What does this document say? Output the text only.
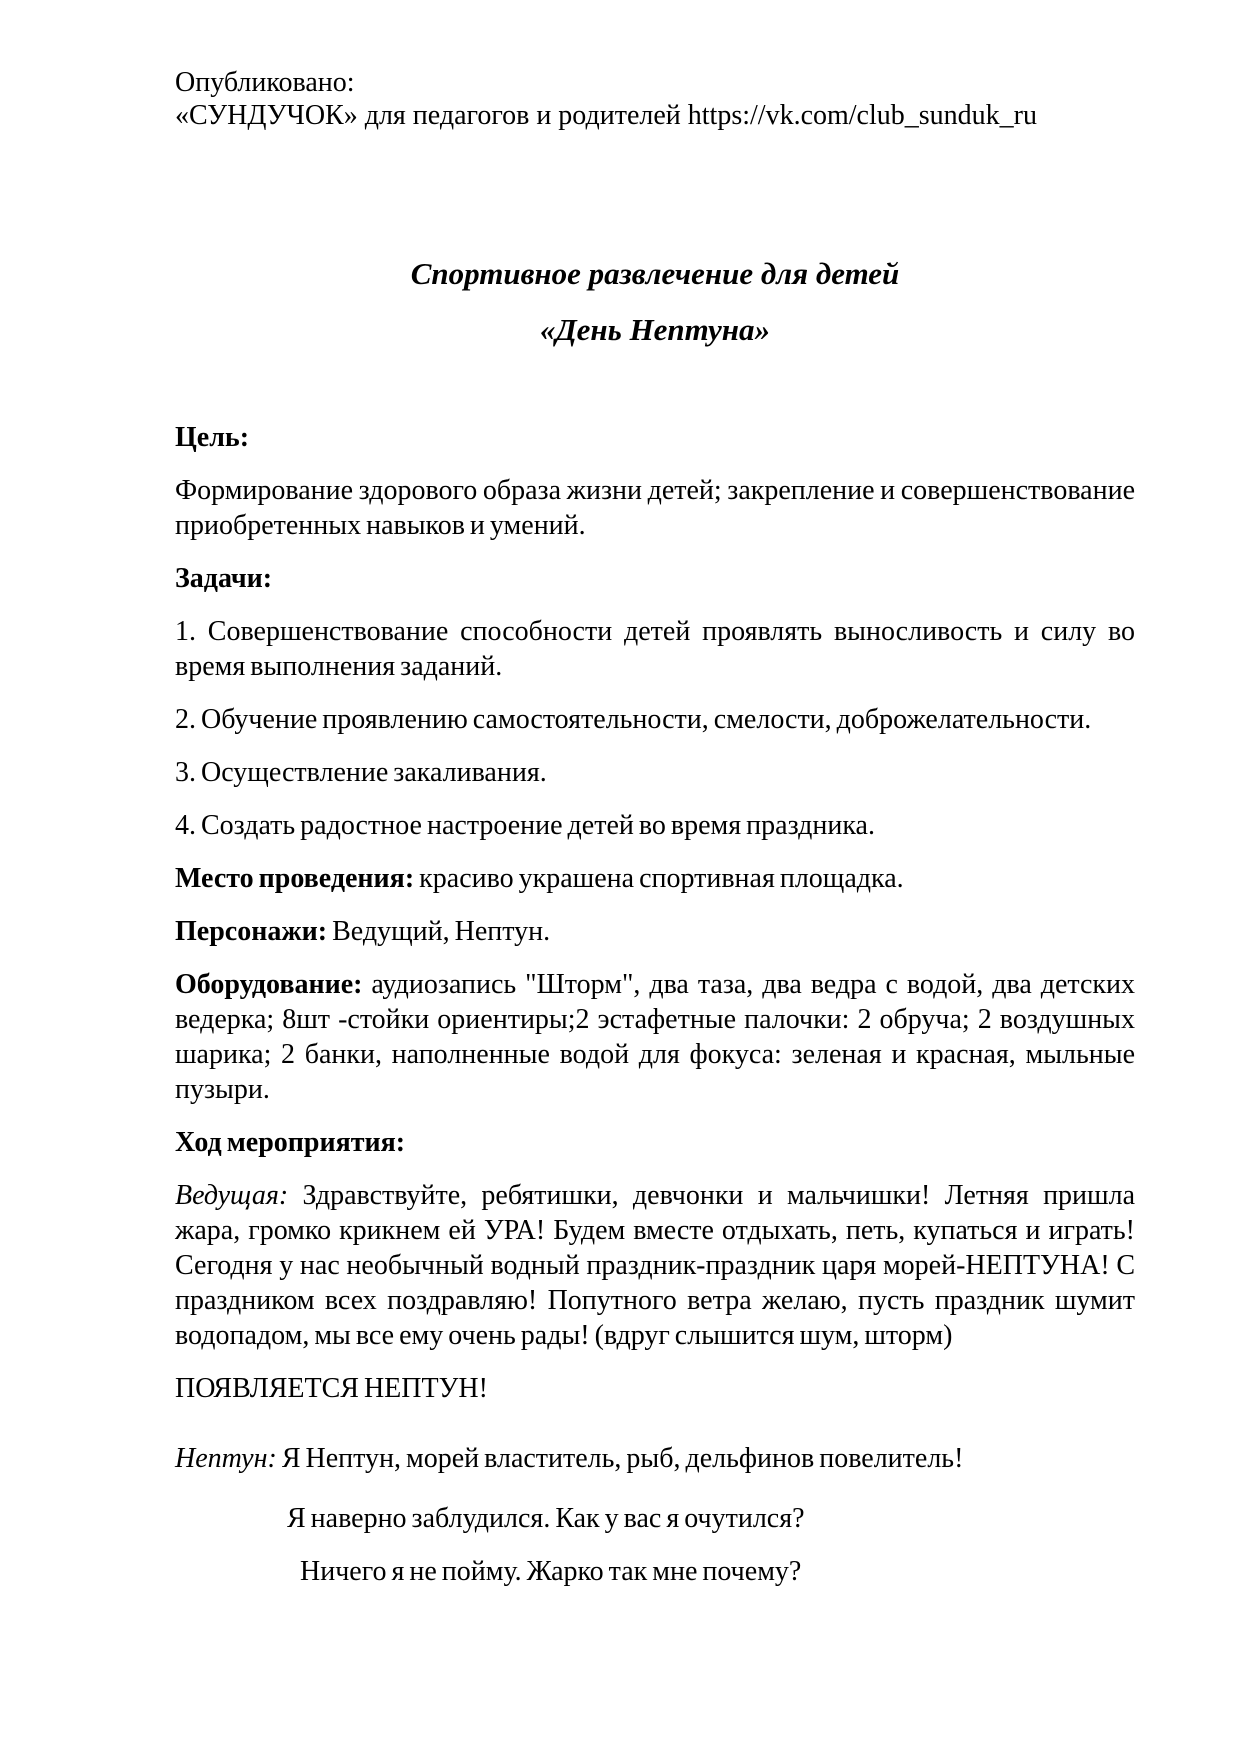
Опубликовано:
«СУНДУЧОК» для педагогов и родителей https://vk.com/club_sunduk_ru
Спортивное развлечение для детей
«День Нептуна»

Цель:

Формирование здорового образа жизни детей; закрепление и совершенствование приобретенных навыков и умений.

Задачи:

1. Совершенствование способности детей проявлять выносливость и силу во время выполнения заданий.

2. Обучение проявлению самостоятельности, смелости, доброжелательности.

3. Осуществление закаливания.

4. Создать радостное настроение детей во время праздника.

Место проведения: красиво украшена спортивная площадка.

Персонажи: Ведущий, Нептун.

Оборудование: аудиозапись "Шторм", два таза, два ведра с водой, два детских ведерка; 8шт -стойки ориентиры;2 эстафетные палочки: 2 обруча; 2 воздушных шарика; 2 банки, наполненные водой для фокуса: зеленая и красная, мыльные пузыри.

Ход мероприятия:

Ведущая: Здравствуйте, ребятишки, девчонки и мальчишки! Летняя пришла жара, громко крикнем ей УРА! Будем вместе отдыхать, петь, купаться и играть! Сегодня у нас необычный водный праздник-праздник царя морей-НЕПТУНА! С праздником всех поздравляю! Попутного ветра желаю, пусть праздник шумит водопадом, мы все ему очень рады! (вдруг слышится шум, шторм)

ПОЯВЛЯЕТСЯ НЕПТУН!

Нептун: Я Нептун, морей властитель, рыб, дельфинов повелитель!

Я наверно заблудился. Как у вас я очутился?

Ничего я не пойму. Жарко так мне почему?
